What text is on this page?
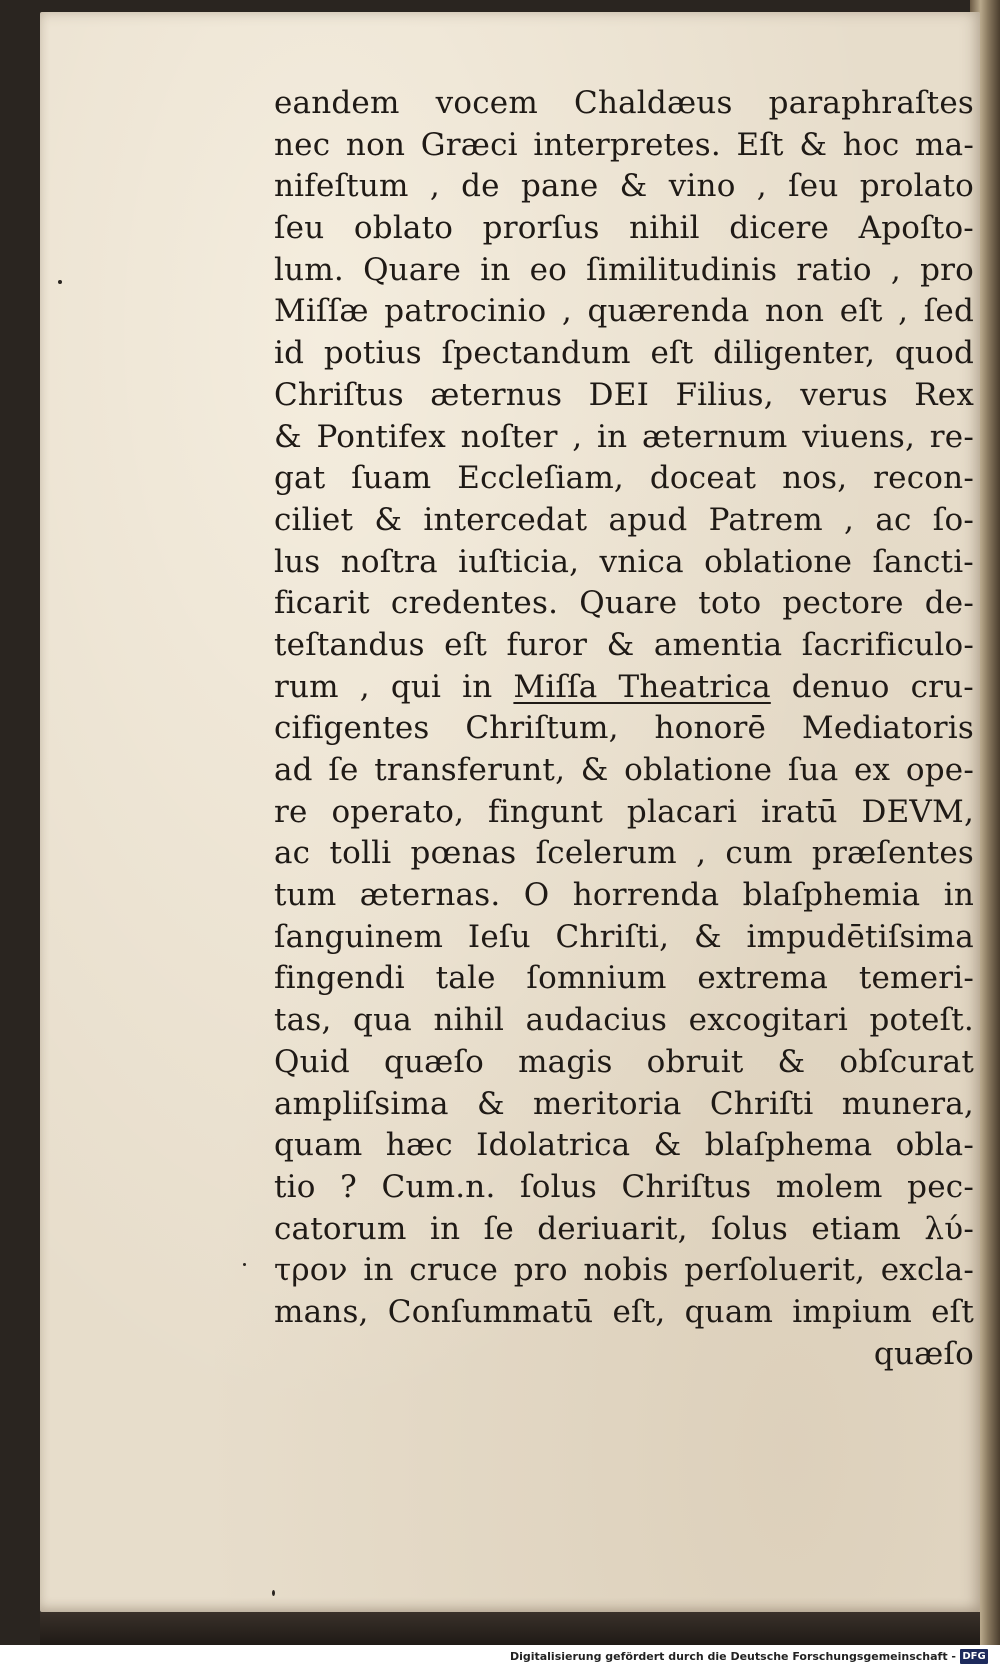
eandem vocem Chaldæus paraphraſtes
nec non Græci interpretes. Eſt & hoc ma-
nifeſtum , de pane & vino , ſeu prolato
ſeu oblato prorſus nihil dicere Apoſto-
lum. Quare in eo ſimilitudinis ratio , pro
Miſſæ patrocinio , quærenda non eſt , ſed
id potius ſpectandum eſt diligenter, quod
Chriſtus æternus DEI Filius, verus Rex
& Pontifex noſter , in æternum viuens, re-
gat ſuam Eccleſiam, doceat nos, recon-
ciliet & intercedat apud Patrem , ac ſo-
lus noſtra iuſticia, vnica oblatione ſancti-
ficarit credentes. Quare toto pectore de-
teſtandus eſt furor & amentia ſacrificulo-
rum , qui in Miſſa Theatrica denuo cru-
cifigentes Chriſtum, honorē Mediatoris
ad ſe transferunt, & oblatione ſua ex ope-
re operato, fingunt placari iratū DEVM,
ac tolli pœnas ſcelerum , cum præſentes
tum æternas. O horrenda blaſphemia in
ſanguinem Ieſu Chriſti, & impudētiſsima
fingendi tale ſomnium extrema temeri-
tas, qua nihil audacius excogitari poteſt.
Quid quæſo magis obruit & obſcurat
ampliſsima & meritoria Chriſti munera,
quam hæc Idolatrica & blaſphema obla-
tio ? Cum.n. ſolus Chriſtus molem pec-
catorum in ſe deriuarit, ſolus etiam λύ-
τρον in cruce pro nobis perſoluerit, excla-
mans, Conſummatū eſt, quam impium eſt
quæſo
Digitalisierung gefördert durch die Deutsche Forschungsgemeinschaft - DFG
